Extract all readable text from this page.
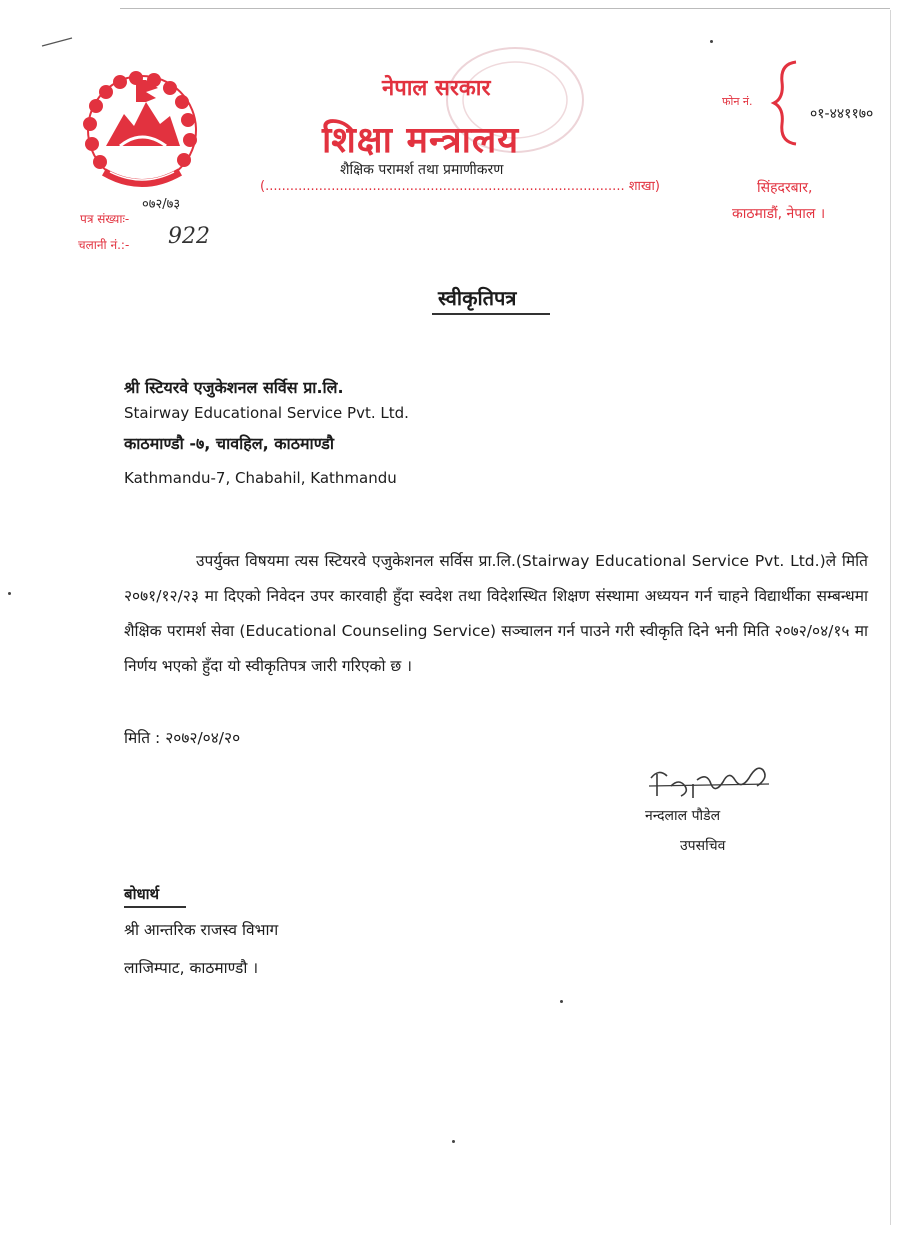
नेपाल सरकार
शिक्षा मन्त्रालय
शैक्षिक परामर्श तथा प्रमाणीकरण
(....................................................................................... शाखा)
फोन नं.
०१-४४११७०
सिंहदरबार,
काठमाडौं, नेपाल ।
०७२/७३
पत्र संख्याः-
चलानी नं.:- 922
स्वीकृतिपत्र
श्री स्टियरवे एजुकेशनल सर्विस प्रा.लि.
Stairway Educational Service Pvt. Ltd.
काठमाण्डौ -७, चावहिल, काठमाण्डौ
Kathmandu-7, Chabahil, Kathmandu
उपर्युक्त विषयमा त्यस स्टियरवे एजुकेशनल सर्विस प्रा.लि.(Stairway Educational Service Pvt. Ltd.)ले मिति २०७१/१२/२३ मा दिएको निवेदन उपर कारवाही हुँदा स्वदेश तथा विदेशस्थित शिक्षण संस्थामा अध्ययन गर्न चाहने विद्यार्थीका सम्बन्धमा शैक्षिक परामर्श सेवा (Educational Counseling Service) सञ्चालन गर्न पाउने गरी स्वीकृति दिने भनी मिति २०७२/०४/१५ मा निर्णय भएको हुँदा यो स्वीकृतिपत्र जारी गरिएको छ ।
मिति : २०७२/०४/२०
नन्दलाल पौडेल
उपसचिव
बोधार्थ
श्री आन्तरिक राजस्व विभाग
लाजिम्पाट, काठमाण्डौ ।
